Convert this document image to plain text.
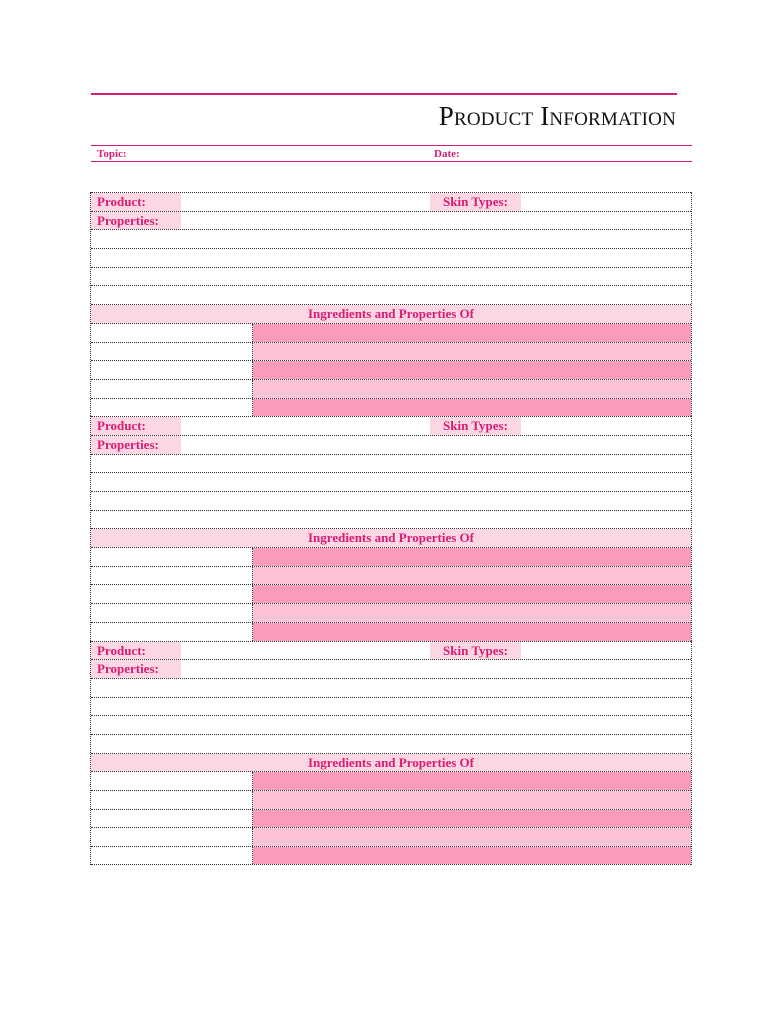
Product Information
Topic:	Date:
Product:	Skin Types:
Properties:
Ingredients and Properties Of
Product:	Skin Types:
Properties:
Ingredients and Properties Of
Product:	Skin Types:
Properties:
Ingredients and Properties Of
